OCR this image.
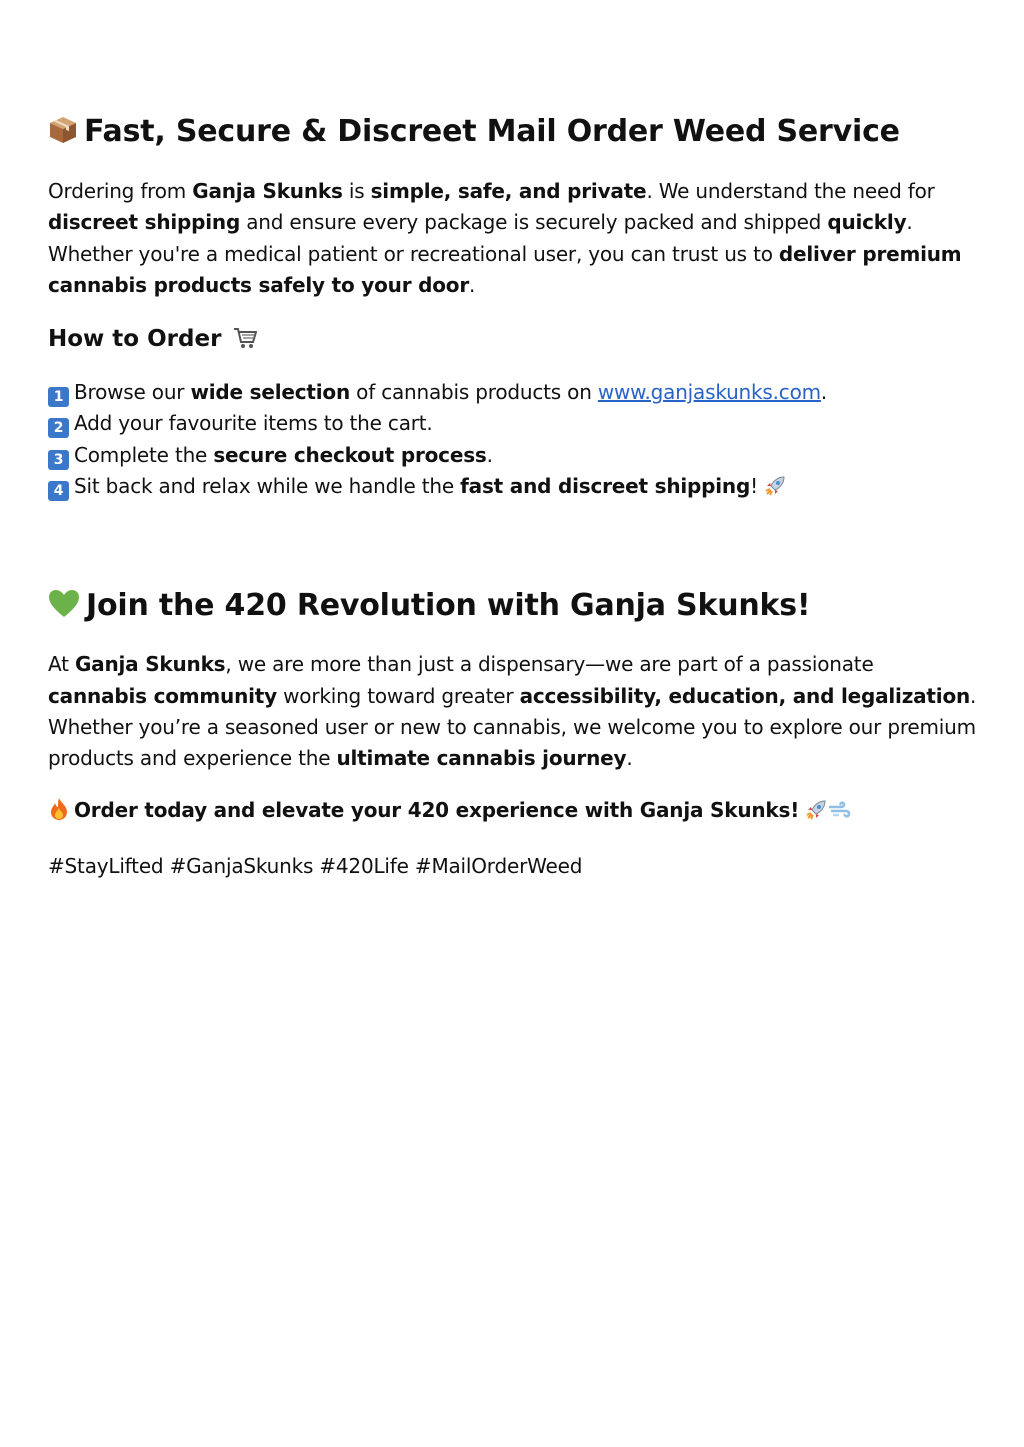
Fast, Secure & Discreet Mail Order Weed Service

Ordering from Ganja Skunks is simple, safe, and private. We understand the need for discreet shipping and ensure every package is securely packed and shipped quickly. Whether you're a medical patient or recreational user, you can trust us to deliver premium cannabis products safely to your door.

How to Order

1 Browse our wide selection of cannabis products on www.ganjaskunks.com.

2 Add your favourite items to the cart.

3 Complete the secure checkout process.

4 Sit back and relax while we handle the fast and discreet shipping!

Join the 420 Revolution with Ganja Skunks!

At Ganja Skunks, we are more than just a dispensary—we are part of a passionate cannabis community working toward greater accessibility, education, and legalization. Whether you’re a seasoned user or new to cannabis, we welcome you to explore our premium products and experience the ultimate cannabis journey.

Order today and elevate your 420 experience with Ganja Skunks!

#StayLifted #GanjaSkunks #420Life #MailOrderWeed
